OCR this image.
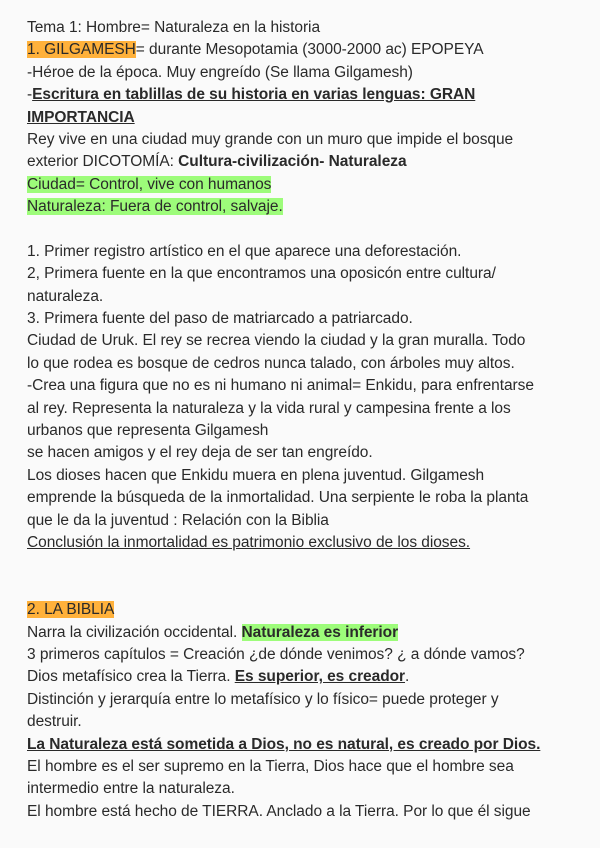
Tema 1: Hombre= Naturaleza en la historia
1. GILGAMESH= durante Mesopotamia (3000-2000 ac) EPOPEYA
-Héroe de la época. Muy engreído (Se llama Gilgamesh)
-Escritura en tablillas de su historia en varias lenguas: GRAN
IMPORTANCIA
Rey vive en una ciudad muy grande con un muro que impide el bosque
exterior DICOTOMÍA: Cultura-civilización- Naturaleza
Ciudad= Control, vive con humanos
Naturaleza: Fuera de control, salvaje.
1. Primer registro artístico en el que aparece una deforestación.
2, Primera fuente en la que encontramos una oposicón entre cultura/
naturaleza.
3. Primera fuente del paso de matriarcado a patriarcado.
Ciudad de Uruk. El rey se recrea viendo la ciudad y la gran muralla. Todo
lo que rodea es bosque de cedros nunca talado, con árboles muy altos.
-Crea una figura que no es ni humano ni animal= Enkidu, para enfrentarse
al rey. Representa la naturaleza y la vida rural y campesina frente a los
urbanos que representa Gilgamesh
se hacen amigos y el rey deja de ser tan engreído.
Los dioses hacen que Enkidu muera en plena juventud. Gilgamesh
emprende la búsqueda de la inmortalidad. Una serpiente le roba la planta
que le da la juventud : Relación con la Biblia
Conclusión la inmortalidad es patrimonio exclusivo de los dioses.
2. LA BIBLIA
Narra la civilización occidental. Naturaleza es inferior
3 primeros capítulos = Creación ¿de dónde venimos? ¿ a dónde vamos?
Dios metafísico crea la Tierra. Es superior, es creador.
Distinción y jerarquía entre lo metafísico y lo físico= puede proteger y
destruir.
La Naturaleza está sometida a Dios, no es natural, es creado por Dios.
El hombre es el ser supremo en la Tierra, Dios hace que el hombre sea
intermedio entre la naturaleza.
El hombre está hecho de TIERRA. Anclado a la Tierra. Por lo que él sigue
